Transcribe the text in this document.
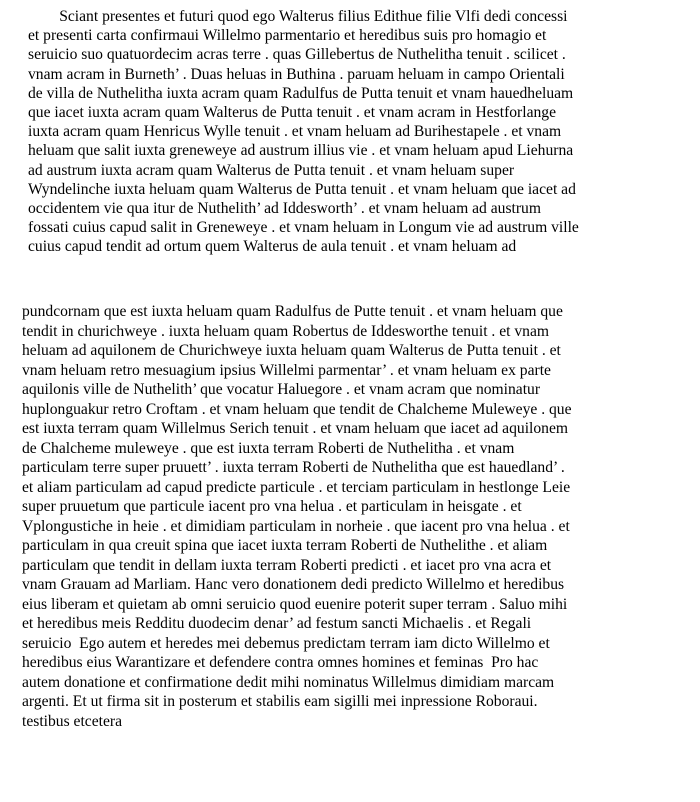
Sciant presentes et futuri quod ego Walterus filius Edithue filie Vlfi dedi concessi
et presenti carta confirmaui Willelmo parmentario et heredibus suis pro homagio et
seruicio suo quatuordecim acras terre . quas Gillebertus de Nuthelitha tenuit . scilicet .
vnam acram in Burneth’ . Duas heluas in Buthina . paruam heluam in campo Orientali
de villa de Nuthelitha iuxta acram quam Radulfus de Putta tenuit et vnam hauedheluam
que iacet iuxta acram quam Walterus de Putta tenuit . et vnam acram in Hestforlange
iuxta acram quam Henricus Wylle tenuit . et vnam heluam ad Burihestapele . et vnam
heluam que salit iuxta greneweye ad austrum illius vie . et vnam heluam apud Liehurna
ad austrum iuxta acram quam Walterus de Putta tenuit . et vnam heluam super
Wyndelinche iuxta heluam quam Walterus de Putta tenuit . et vnam heluam que iacet ad
occidentem vie qua itur de Nuthelith’ ad Iddesworth’ . et vnam heluam ad austrum
fossati cuius capud salit in Greneweye . et vnam heluam in Longum vie ad austrum ville
cuius capud tendit ad ortum quem Walterus de aula tenuit . et vnam heluam ad
pundcornam que est iuxta heluam quam Radulfus de Putte tenuit . et vnam heluam que
tendit in churichweye . iuxta heluam quam Robertus de Iddesworthe tenuit . et vnam
heluam ad aquilonem de Churichweye iuxta heluam quam Walterus de Putta tenuit . et
vnam heluam retro mesuagium ipsius Willelmi parmentar’ . et vnam heluam ex parte
aquilonis ville de Nuthelith’ que vocatur Haluegore . et vnam acram que nominatur
huplonguakur retro Croftam . et vnam heluam que tendit de Chalcheme Muleweye . que
est iuxta terram quam Willelmus Serich tenuit . et vnam heluam que iacet ad aquilonem
de Chalcheme muleweye . que est iuxta terram Roberti de Nuthelitha . et vnam
particulam terre super pruuett’ . iuxta terram Roberti de Nuthelitha que est hauedland’ .
et aliam particulam ad capud predicte particule . et terciam particulam in hestlonge Leie
super pruuetum que particule iacent pro vna helua . et particulam in heisgate . et
Vplongustiche in heie . et dimidiam particulam in norheie . que iacent pro vna helua . et
particulam in qua creuit spina que iacet iuxta terram Roberti de Nuthelithe . et aliam
particulam que tendit in dellam iuxta terram Roberti predicti . et iacet pro vna acra et
vnam Grauam ad Marliam. Hanc vero donationem dedi predicto Willelmo et heredibus
eius liberam et quietam ab omni seruicio quod euenire poterit super terram . Saluo mihi
et heredibus meis Redditu duodecim denar’ ad festum sancti Michaelis . et Regali
seruicio  Ego autem et heredes mei debemus predictam terram iam dicto Willelmo et
heredibus eius Warantizare et defendere contra omnes homines et feminas  Pro hac
autem donatione et confirmatione dedit mihi nominatus Willelmus dimidiam marcam
argenti. Et ut firma sit in posterum et stabilis eam sigilli mei inpressione Roboraui.
testibus etcetera
